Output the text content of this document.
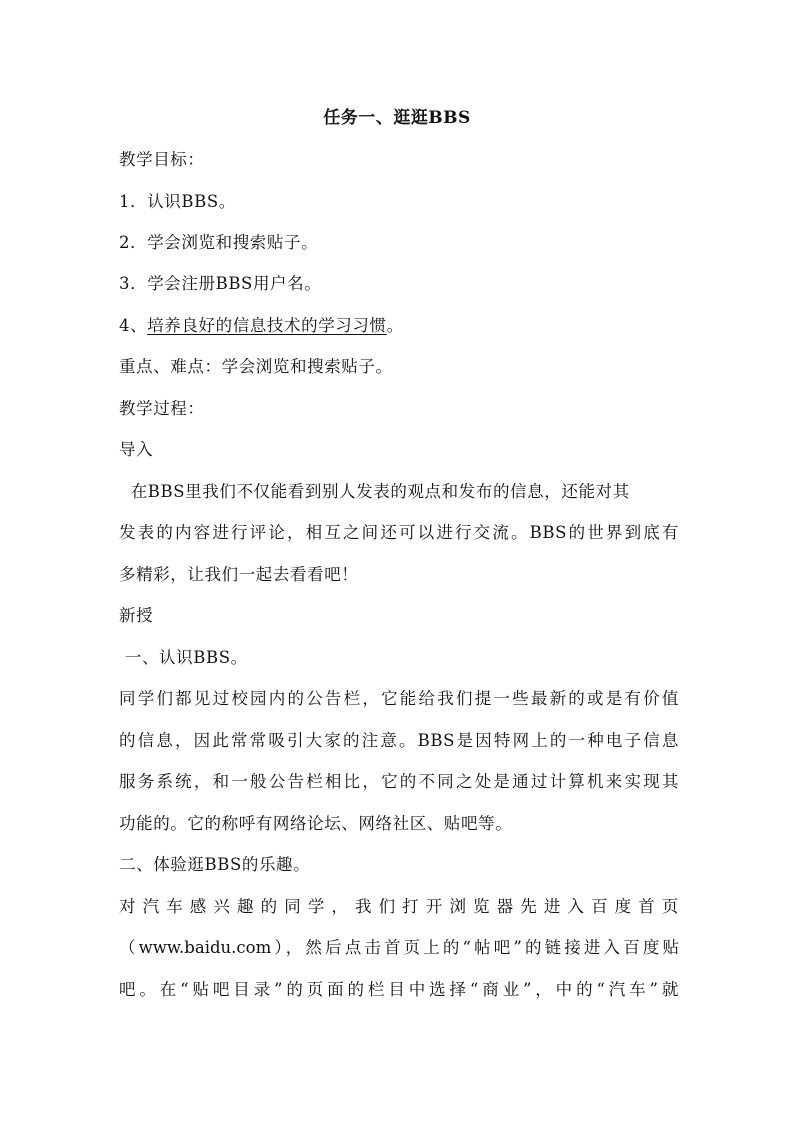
任务一、逛逛BBS
教学目标：
1．认识BBS。
2．学会浏览和搜索贴子。
3．学会注册BBS用户名。
4、培养良好的信息技术的学习习惯。
重点、难点：学会浏览和搜索贴子。
教学过程：
导入
在BBS里我们不仅能看到别人发表的观点和发布的信息，还能对其
发表的内容进行评论，相互之间还可以进行交流。BBS的世界到底有
多精彩，让我们一起去看看吧！
新授
一、认识BBS。
同学们都见过校园内的公告栏，它能给我们提一些最新的或是有价值
的信息，因此常常吸引大家的注意。BBS是因特网上的一种电子信息
服务系统，和一般公告栏相比，它的不同之处是通过计算机来实现其
功能的。它的称呼有网络论坛、网络社区、贴吧等。
二、体验逛BBS的乐趣。
对汽车感兴趣的同学，我们打开浏览器先进入百度首页
（www.baidu.com），然后点击首页上的“帖吧”的链接进入百度贴
吧。在“贴吧目录”的页面的栏目中选择“商业”，中的“汽车”就
